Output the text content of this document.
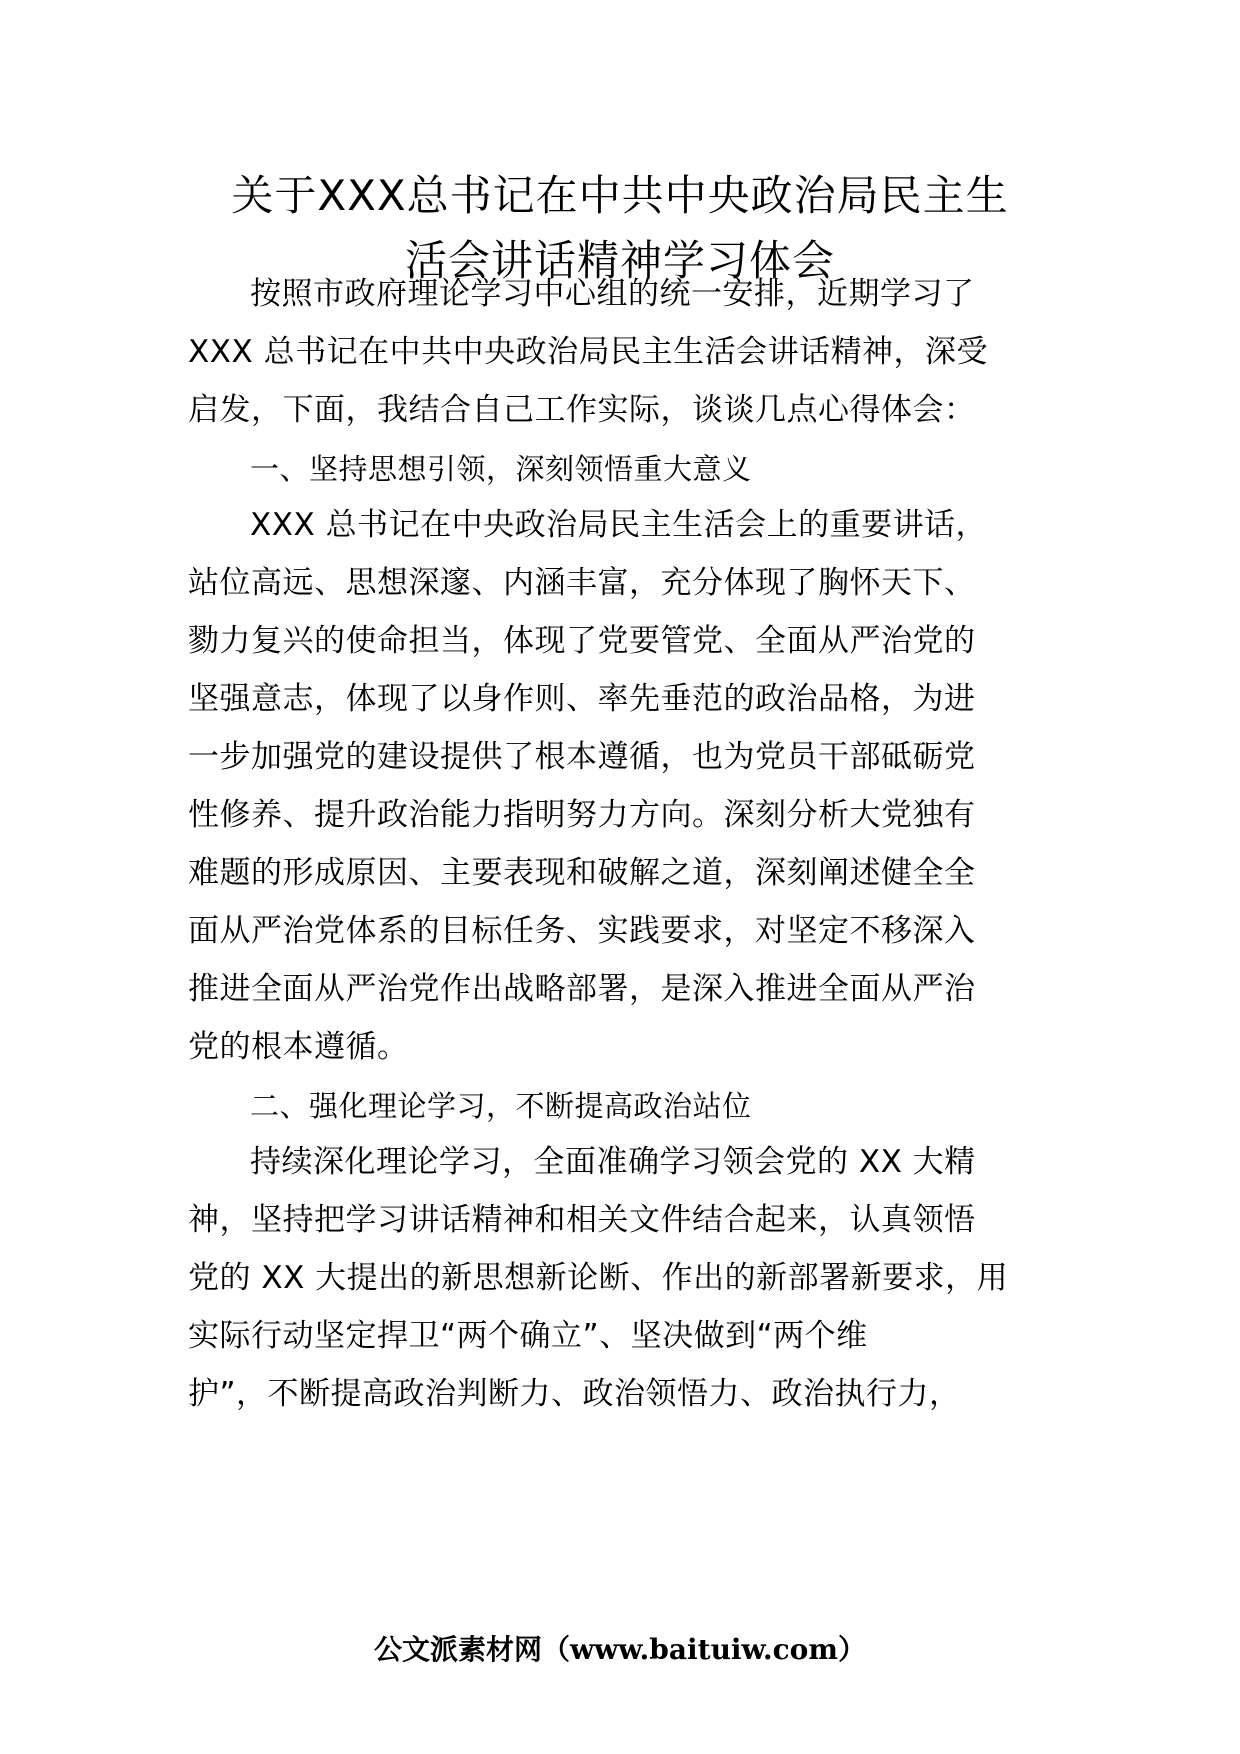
关于XXX总书记在中共中央政治局民主生
活会讲话精神学习体会
按照市政府理论学习中心组的统一安排，近期学习了
XXX 总书记在中共中央政治局民主生活会讲话精神，深受
启发，下面，我结合自己工作实际，谈谈几点心得体会：
一、坚持思想引领，深刻领悟重大意义
XXX 总书记在中央政治局民主生活会上的重要讲话，
站位高远、思想深邃、内涵丰富，充分体现了胸怀天下、
勠力复兴的使命担当，体现了党要管党、全面从严治党的
坚强意志，体现了以身作则、率先垂范的政治品格，为进
一步加强党的建设提供了根本遵循，也为党员干部砥砺党
性修养、提升政治能力指明努力方向。深刻分析大党独有
难题的形成原因、主要表现和破解之道，深刻阐述健全全
面从严治党体系的目标任务、实践要求，对坚定不移深入
推进全面从严治党作出战略部署，是深入推进全面从严治
党的根本遵循。
二、强化理论学习，不断提高政治站位
持续深化理论学习，全面准确学习领会党的 XX 大精
神，坚持把学习讲话精神和相关文件结合起来，认真领悟
党的 XX 大提出的新思想新论断、作出的新部署新要求，用
实际行动坚定捍卫“两个确立”、坚决做到“两个维
护”，不断提高政治判断力、政治领悟力、政治执行力，
公文派素材网（www.baituiw.com）
